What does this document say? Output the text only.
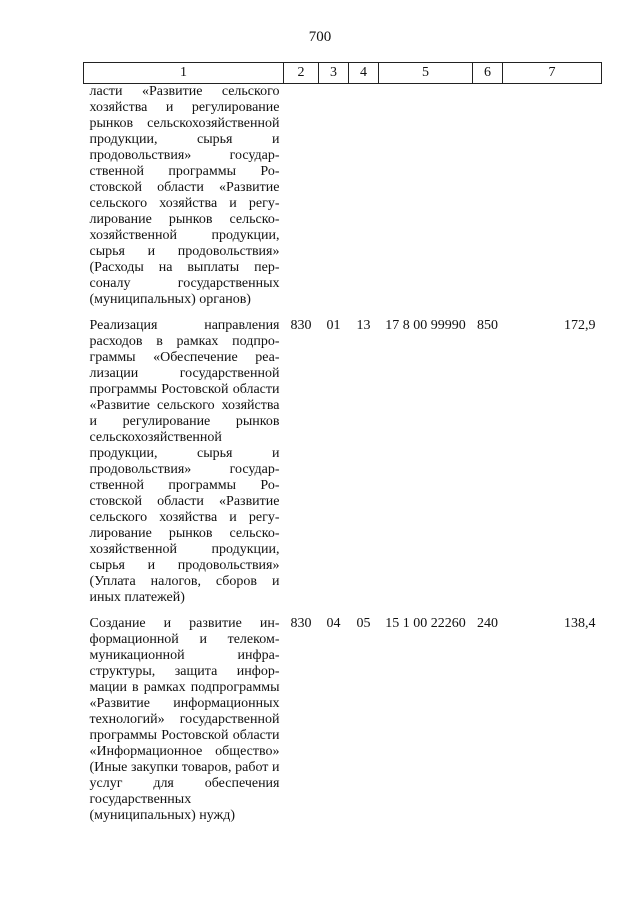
700
1	2	3	4	5	6	7

ласти «Развитие сельского хозяйства и регулирование рынков сельскохозяйственной продукции, сырья и продовольствия» государственной программы Ростовской области «Развитие сельского хозяйства и регулирование рынков сельскохозяйственной продукции, сырья и продовольствия» (Расходы на выплаты персоналу государственных (муниципальных) органов)						

Реализация направления расходов в рамках подпрограммы «Обеспечение реализации государственной программы Ростовской области «Развитие сельского хозяйства и регулирование рынков сельскохозяйственной продукции, сырья и продовольствия» государственной программы Ростовской области «Развитие сельского хозяйства и регулирование рынков сельскохозяйственной продукции, сырья и продовольствия» (Уплата налогов, сборов и иных платежей)	830	01	13	17 8 00 99990	850	172,9

Создание и развитие информационной и телекоммуникационной инфраструктуры, защита информации в рамках подпрограммы «Развитие информационных технологий» государственной программы Ростовской области «Информационное общество» (Иные закупки товаров, работ и услуг для обеспечения государственных (муниципальных) нужд)	830	04	05	15 1 00 22260	240	138,4
